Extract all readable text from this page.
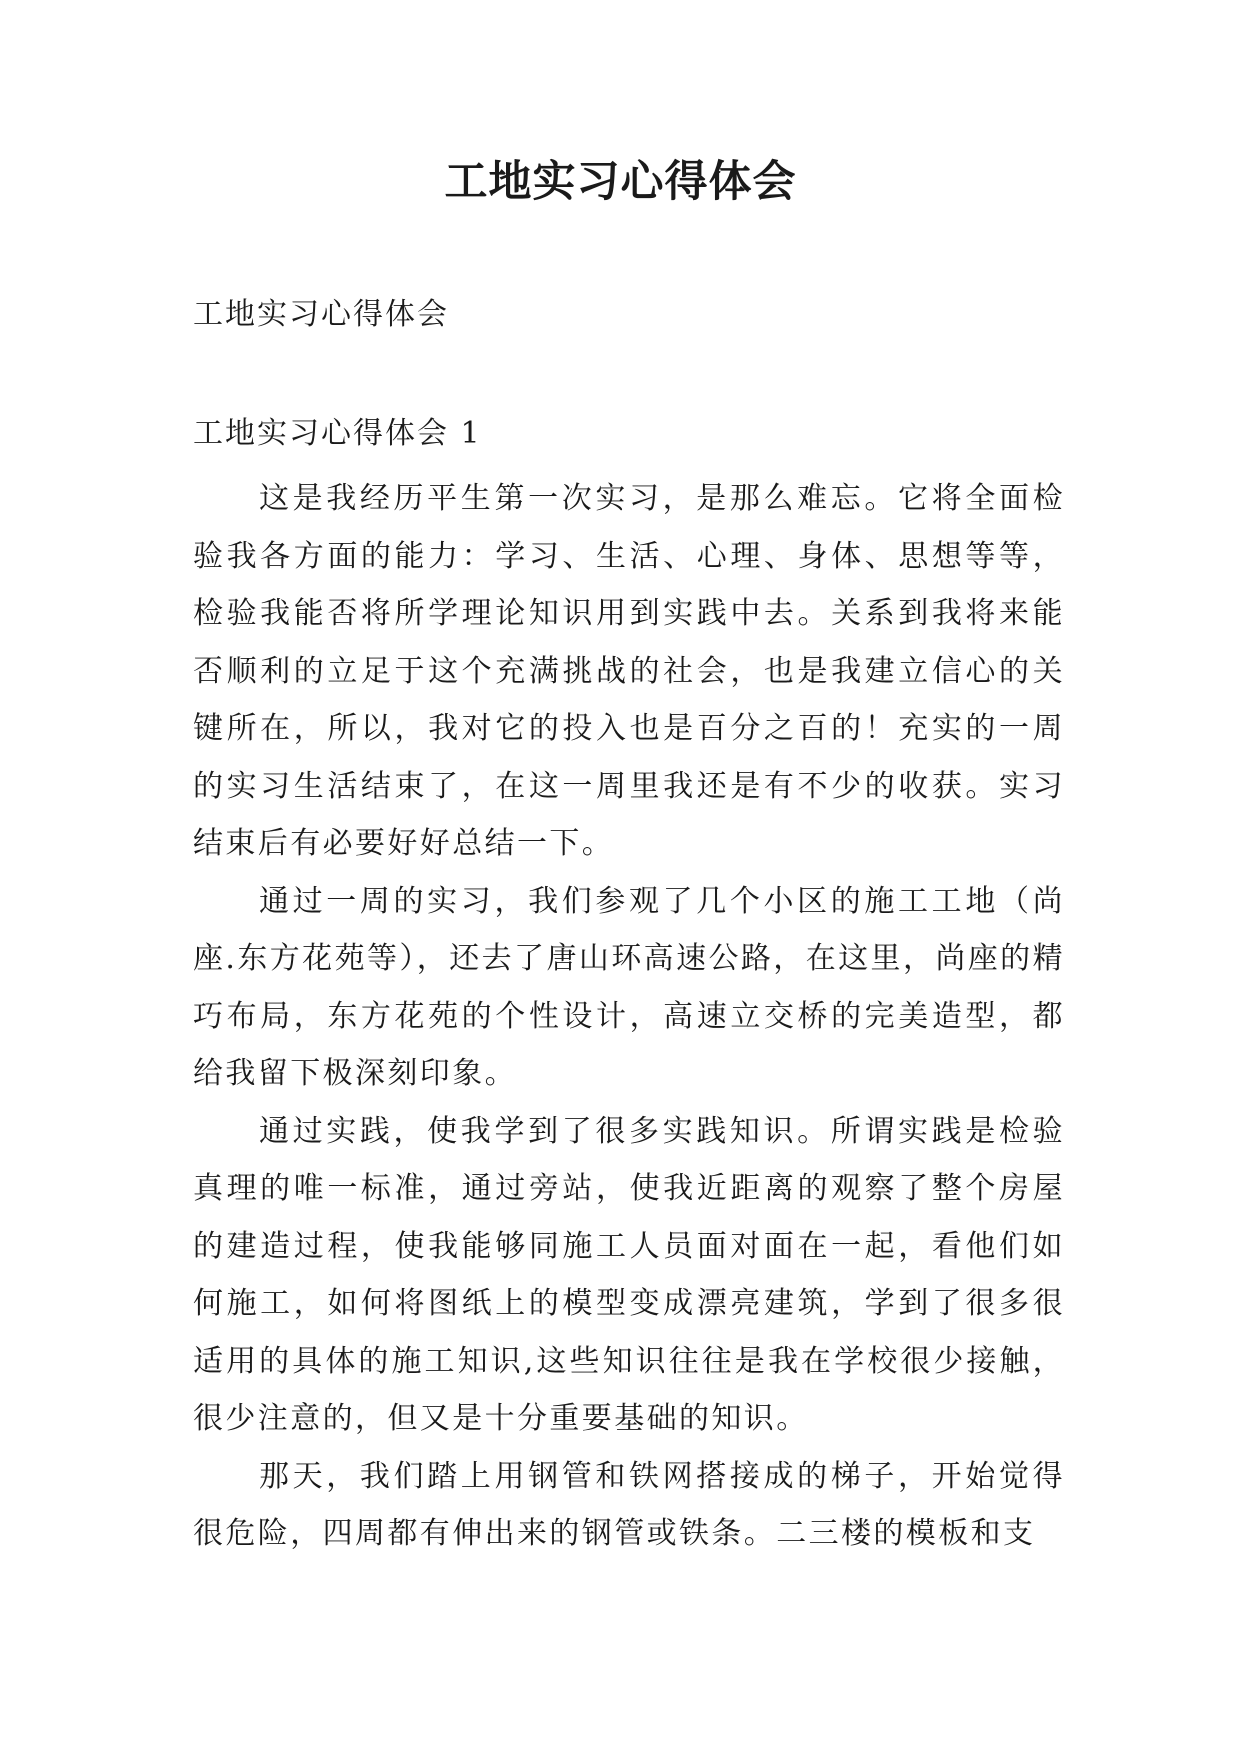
工地实习心得体会
工地实习心得体会
工地实习心得体会 1

这是我经历平生第一次实习，是那么难忘。它将全面检验我各方面的能力：学习、生活、心理、身体、思想等等，检验我能否将所学理论知识用到实践中去。关系到我将来能否顺利的立足于这个充满挑战的社会，也是我建立信心的关键所在，所以，我对它的投入也是百分之百的！充实的一周的实习生活结束了，在这一周里我还是有不少的收获。实习结束后有必要好好总结一下。

通过一周的实习，我们参观了几个小区的施工工地（尚座.东方花苑等），还去了唐山环高速公路，在这里，尚座的精巧布局，东方花苑的个性设计，高速立交桥的完美造型，都给我留下极深刻印象。

通过实践，使我学到了很多实践知识。所谓实践是检验真理的唯一标准，通过旁站，使我近距离的观察了整个房屋的建造过程，使我能够同施工人员面对面在一起，看他们如何施工，如何将图纸上的模型变成漂亮建筑，学到了很多很适用的具体的施工知识,这些知识往往是我在学校很少接触，很少注意的，但又是十分重要基础的知识。

那天，我们踏上用钢管和铁网搭接成的梯子，开始觉得很危险，四周都有伸出来的钢管或铁条。二三楼的模板和支
